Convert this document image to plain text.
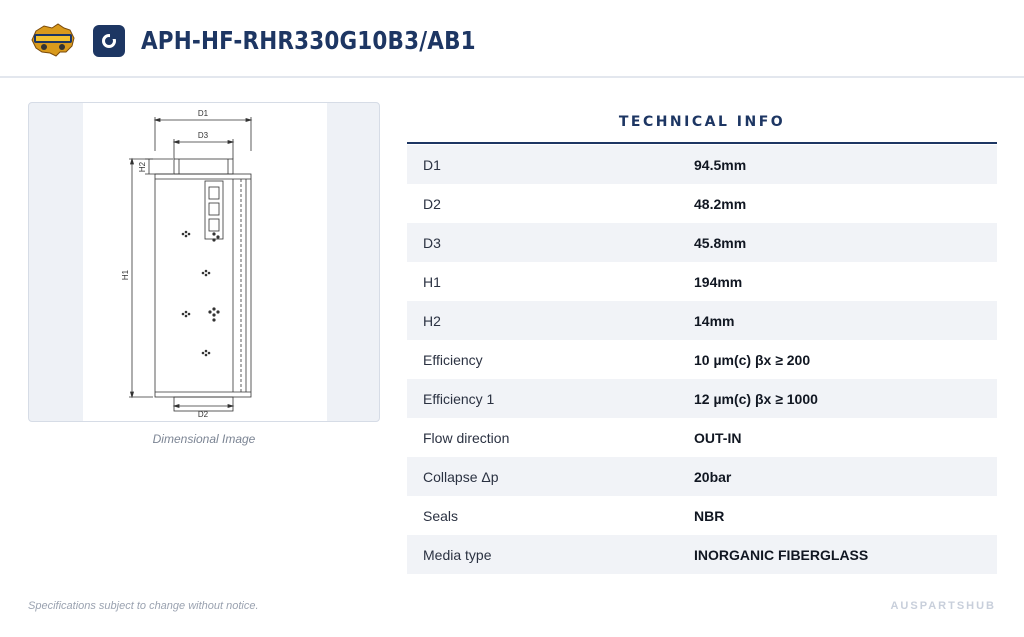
APH-HF-RHR330G10B3/AB1
D1
D3
D2
H1
H2
Dimensional Image
TECHNICAL INFO
D1	94.5mm
D2	48.2mm
D3	45.8mm
H1	194mm
H2	14mm
Efficiency	10 µm(c) βx ≥ 200
Efficiency 1	12 µm(c) βx ≥ 1000
Flow direction	OUT-IN
Collapse Δp	20bar
Seals	NBR
Media type	INORGANIC FIBERGLASS
Specifications subject to change without notice.	AUSPARTSHUB
